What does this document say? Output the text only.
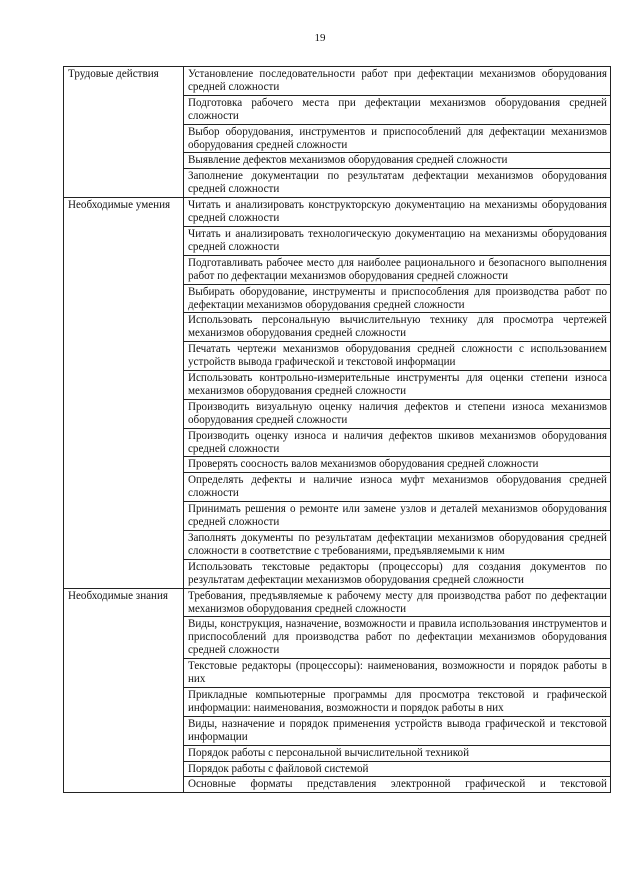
19
Трудовые действия	Установление последовательности работ при дефектации механизмов оборудования средней сложности
	Подготовка рабочего места при дефектации механизмов оборудования средней сложности
	Выбор оборудования, инструментов и приспособлений для дефектации механизмов оборудования средней сложности
	Выявление дефектов механизмов оборудования средней сложности
	Заполнение документации по результатам дефектации механизмов оборудования средней сложности
Необходимые умения	Читать и анализировать конструкторскую документацию на механизмы оборудования средней сложности
	Читать и анализировать технологическую документацию на механизмы оборудования средней сложности
	Подготавливать рабочее место для наиболее рационального и безопасного выполнения работ по дефектации механизмов оборудования средней сложности
	Выбирать оборудование, инструменты и приспособления для производства работ по дефектации механизмов оборудования средней сложности
	Использовать персональную вычислительную технику для просмотра чертежей механизмов оборудования средней сложности
	Печатать чертежи механизмов оборудования средней сложности с использованием устройств вывода графической и текстовой информации
	Использовать контрольно-измерительные инструменты для оценки степени износа механизмов оборудования средней сложности
	Производить визуальную оценку наличия дефектов и степени износа механизмов оборудования средней сложности
	Производить оценку износа и наличия дефектов шкивов механизмов оборудования средней сложности
	Проверять соосность валов механизмов оборудования средней сложности
	Определять дефекты и наличие износа муфт механизмов оборудования средней сложности
	Принимать решения о ремонте или замене узлов и деталей механизмов оборудования средней сложности
	Заполнять документы по результатам дефектации механизмов оборудования средней сложности в соответствие с требованиями, предъявляемыми к ним
	Использовать текстовые редакторы (процессоры) для создания документов по результатам дефектации механизмов оборудования средней сложности
Необходимые знания	Требования, предъявляемые к рабочему месту для производства работ по дефектации механизмов оборудования средней сложности
	Виды, конструкция, назначение, возможности и правила использования инструментов и приспособлений для производства работ по дефектации механизмов оборудования средней сложности
	Текстовые редакторы (процессоры): наименования, возможности и порядок работы в них
	Прикладные компьютерные программы для просмотра текстовой и графической информации: наименования, возможности и порядок работы в них
	Виды, назначение и порядок применения устройств вывода графической и текстовой информации
	Порядок работы с персональной вычислительной техникой
	Порядок работы с файловой системой
	Основные форматы представления электронной графической и текстовой
